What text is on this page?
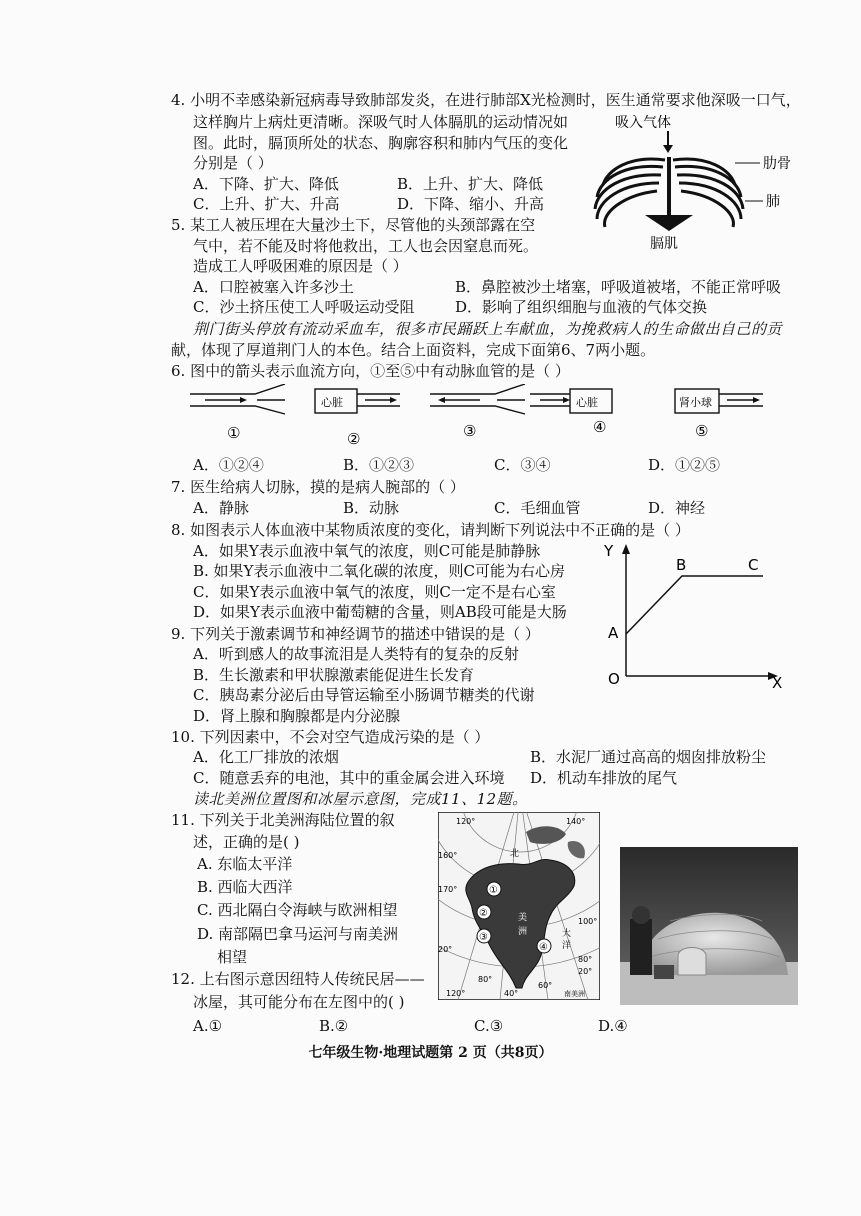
4. 小明不幸感染新冠病毒导致肺部发炎，在进行肺部X光检测时，医生通常要求他深吸一口气，
这样胸片上病灶更清晰。深吸气时人体膈肌的运动情况如
图。此时，膈顶所处的状态、胸廓容积和肺内气压的变化
分别是（ ）
A．下降、扩大、降低	B．上升、扩大、降低
C．上升、扩大、升高	D．下降、缩小、升高
吸入气体
肋骨
肺
膈肌
5. 某工人被压埋在大量沙土下，尽管他的头颈部露在空
气中，若不能及时将他救出，工人也会因窒息而死。
造成工人呼吸困难的原因是（ ）
A．口腔被塞入许多沙土	B．鼻腔被沙土堵塞，呼吸道被堵，不能正常呼吸
C．沙土挤压使工人呼吸运动受阻	D．影响了组织细胞与血液的气体交换
荆门街头停放有流动采血车，很多市民踊跃上车献血，为挽救病人的生命做出自己的贡
献，体现了厚道荆门人的本色。结合上面资料，完成下面第6、7两小题。
6. 图中的箭头表示血流方向，①至⑤中有动脉血管的是（ ）
心脏	心脏	肾小球
①	②	③	④	⑤
A．①②④	B．①②③	C．③④	D．①②⑤
7. 医生给病人切脉，摸的是病人腕部的（ ）
A．静脉	B．动脉	C．毛细血管	D．神经
8. 如图表示人体血液中某物质浓度的变化，请判断下列说法中不正确的是（ ）
A．如果Y表示血液中氧气的浓度，则C可能是肺静脉
B. 如果Y表示血液中二氧化碳的浓度，则C可能为右心房
C．如果Y表示血液中氧气的浓度，则C一定不是右心室
D．如果Y表示血液中葡萄糖的含量，则AB段可能是大肠
Y
X
O
A
B	C
9. 下列关于激素调节和神经调节的描述中错误的是（ ）
A．听到感人的故事流泪是人类特有的复杂的反射
B．生长激素和甲状腺激素能促进生长发育
C．胰岛素分泌后由导管运输至小肠调节糖类的代谢
D．肾上腺和胸腺都是内分泌腺
10. 下列因素中，不会对空气造成污染的是（ ）
A．化工厂排放的浓烟	B．水泥厂通过高高的烟囱排放粉尘
C．随意丢弃的电池，其中的重金属会进入环境 D．机动车排放的尾气
读北美洲位置图和冰屋示意图，完成11、12题。
11. 下列关于北美洲海陆位置的叙
述，正确的是( )
A. 东临太平洋
B. 西临大西洋
C. 西北隔白令海峡与欧洲相望
D. 南部隔巴拿马运河与南美洲
相望
120°
160°
170°
140°
100°
80°
60°
40°
20°
20°
80°
120°
北
美
洲	大
洋
南美洲
①
②
③
④
12. 上右图示意因纽特人传统民居——
冰屋，其可能分布在左图中的( )
A.①	B.②	C.③	D.④
七年级生物·地理试题第 2 页（共8页）
